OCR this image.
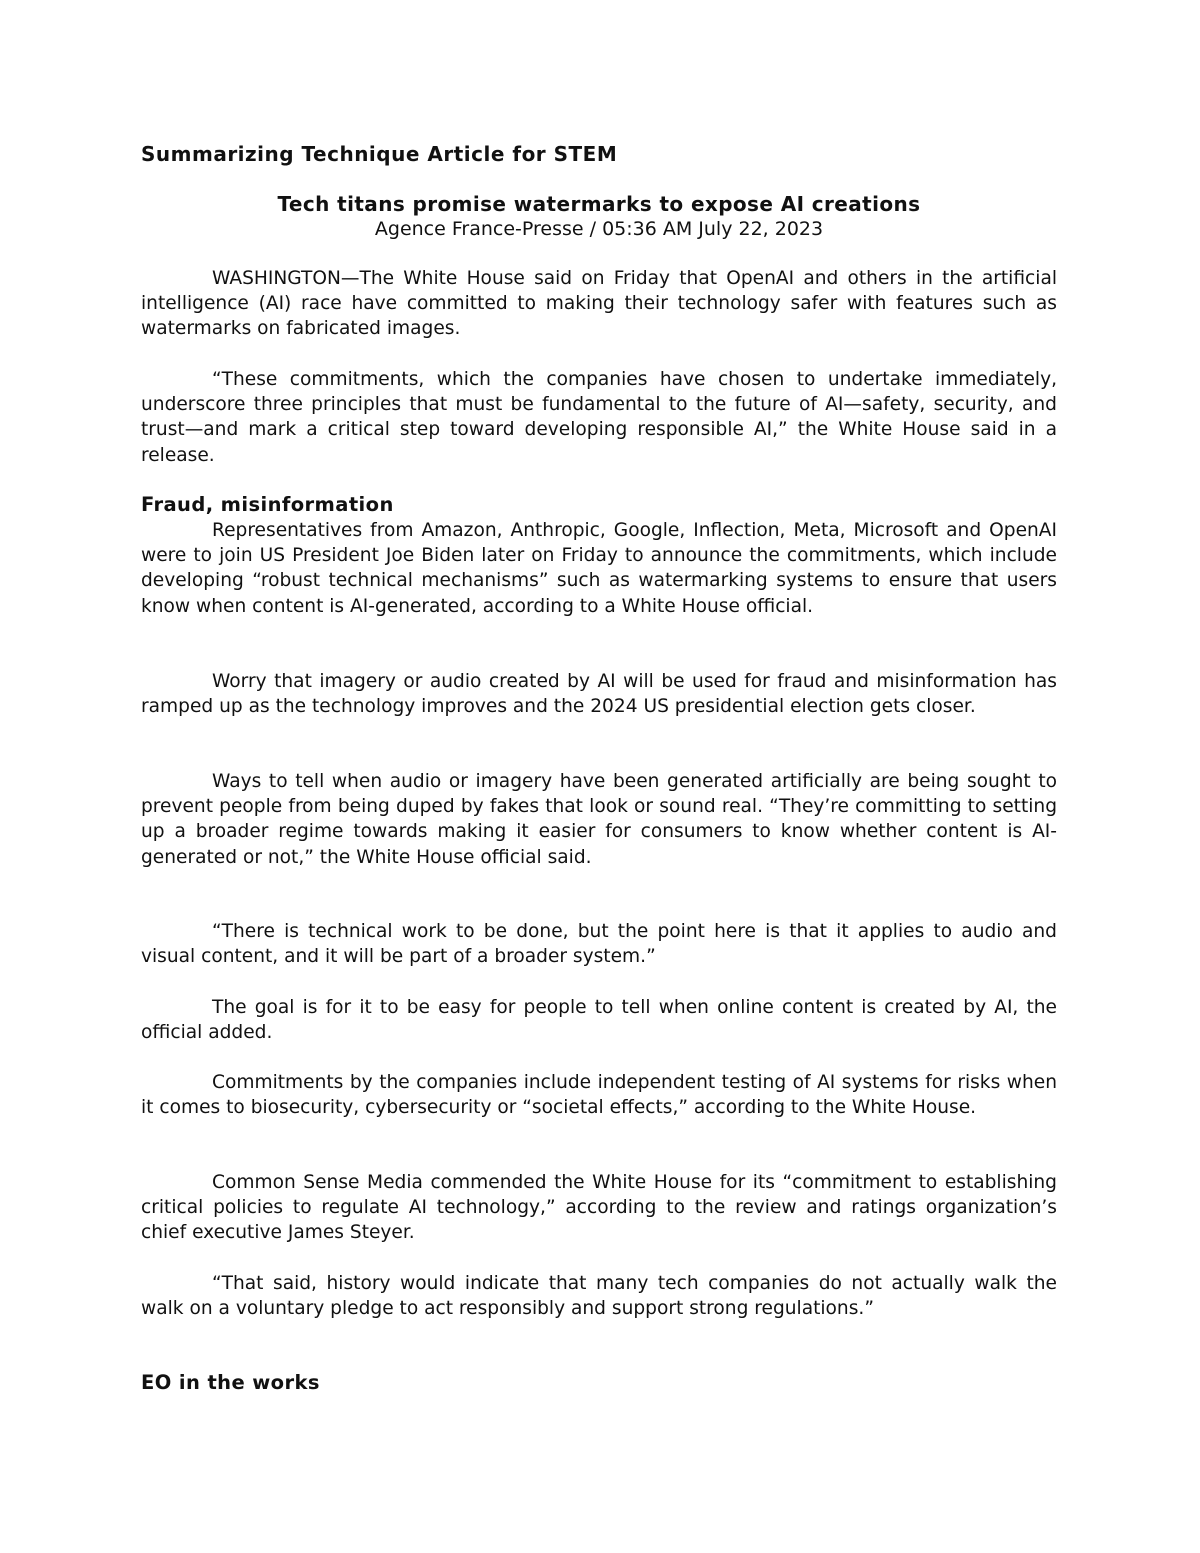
Summarizing Technique Article for STEM
Tech titans promise watermarks to expose AI creations
Agence France-Presse / 05:36 AM July 22, 2023

WASHINGTON—The White House said on Friday that OpenAI and others in the artificial intelligence (AI) race have committed to making their technology safer with features such as watermarks on fabricated images.

“These commitments, which the companies have chosen to undertake immediately, underscore three principles that must be fundamental to the future of AI—safety, security, and trust—and mark a critical step toward developing responsible AI,” the White House said in a release.

Fraud, misinformation

Representatives from Amazon, Anthropic, Google, Inflection, Meta, Microsoft and OpenAI were to join US President Joe Biden later on Friday to announce the commitments, which include developing “robust technical mechanisms” such as watermarking systems to ensure that users know when content is AI-generated, according to a White House official.

Worry that imagery or audio created by AI will be used for fraud and misinformation has ramped up as the technology improves and the 2024 US presidential election gets closer.

Ways to tell when audio or imagery have been generated artificially are being sought to prevent people from being duped by fakes that look or sound real. “They’re committing to setting up a broader regime towards making it easier for consumers to know whether content is AI-generated or not,” the White House official said.

“There is technical work to be done, but the point here is that it applies to audio and visual content, and it will be part of a broader system.”

The goal is for it to be easy for people to tell when online content is created by AI, the official added.

Commitments by the companies include independent testing of AI systems for risks when it comes to biosecurity, cybersecurity or “societal effects,” according to the White House.

Common Sense Media commended the White House for its “commitment to establishing critical policies to regulate AI technology,” according to the review and ratings organization’s chief executive James Steyer.

“That said, history would indicate that many tech companies do not actually walk the walk on a voluntary pledge to act responsibly and support strong regulations.”

EO in the works
